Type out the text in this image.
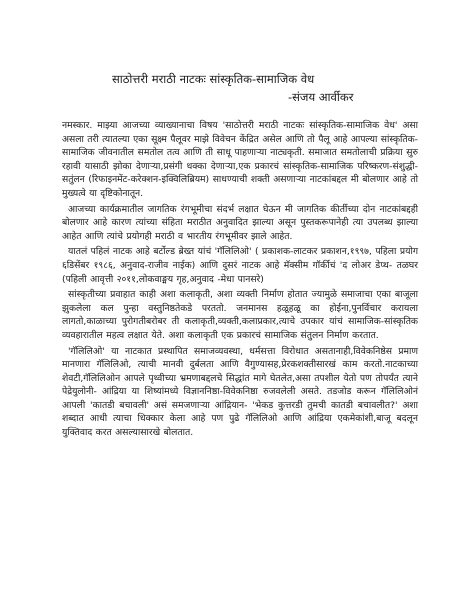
साठोत्तरी मराठी नाटकः सांस्कृतिक-सामाजिक वेध
-संजय आर्वीकर

नमस्कार. माझ्या आजच्या व्याख्यानाचा विषय 'साठोत्तरी मराठी नाटकः सांस्कृतिक-सामाजिक वेध' असा असला तरी त्यातल्या एका सूक्ष्म पैलूवर माझे विवेचन केंद्रित असेल आणि तो पैलू आहे आपल्या सांस्कृतिक-सामाजिक जीवनातील समतोल तत्व आणि ती साधू पाहणाऱ्या नाट्यकृती. समाजात समतोलाची प्रक्रिया सुरु रहावी यासाठी झोका देणाऱ्या,प्रसंगी धक्का देणाऱ्या,एक प्रकारचं सांस्कृतिक-सामाजिक परिष्करण-संशुद्धी-सतुंलन (रिफाइनमेंट-करेक्शन-इक्विलिब्रियम) साधण्याची शक्ती असणाऱ्या नाटकांबद्दल मी बोलणार आहे तो मुख्यत्वे या दृष्टिकोनातून.

आजच्या कार्यक्रमातील जागतिक रंगभूमीचा संदर्भ लक्षात घेऊन मी जागतिक कीर्तीच्या दोन नाटकांबद्दही बोलणार आहे कारण त्यांच्या संहिता मराठीत अनुवादित झाल्या असून पुस्तकरूपानेही त्या उपलब्ध झाल्या आहेत आणि त्यांचे प्रयोगही मराठी व भारतीय रंगभूमीवर झाले आहेत.

यातलं पहिलं नाटक आहे बर्टोल्ड ब्रेख्त यांचं 'गॅलिलिओ' ( प्रकाशक-लाटकर प्रकाशन,१९९७, पहिला प्रयोग ६डिसेंबर १९८६, अनुवाद-राजीव नाईक) आणि दुसरं नाटक आहे मॅक्सीम गॉर्कीचं 'द लोअर डेप्थ- तळघर (पहिली आवृत्ती २०११,लोकवाङ्मय गृह,अनुवाद -मेधा पानसरे)

सांस्कृतीच्या प्रवाहात काही अशा कलाकृती, अशा व्यक्ती निर्माण होतात ज्यामुळे समाजाचा एका बाजूला झुकलेला कल पुन्हा वस्तुनिष्ठतेकडे परततो. जनमानस हळूहळू का होईना,पुनर्विचार करायला लागतो,काळाच्या पुरोगतीबरोबर ती कलाकृती,व्यक्ती,कलाप्रकार,त्याचे उपकार यांचं सामाजिक-सांस्कृतिक व्यवहारातील महत्व लक्षात येते. अशा कलाकृती एक प्रकारचं सामाजिक संतुलन निर्माण करतात.

'गॅलिलिओ' या नाटकात प्रस्थापित समाजव्यवस्था, धर्मसत्ता विरोधात असतानाही,विवेकनिष्ठेस प्रमाण मानणारा गॅलिलिओ, त्याची मानवी दुर्बलता आणि वैगुण्यासह,प्रेरकशक्तीसारखं काम करतो.नाटकाच्या शेवटी,गॅलिलिओन आपले पृथ्वीच्या भ्रमणाबद्दलचे सिद्धांत मागे घेतलेत,असा तपशील येतो पण तोपर्यंत त्याने पेद्रेयुलोनी- आंद्रिया या शिष्यांमध्ये विज्ञाननिष्ठा-विवेकनिष्ठा रुजवलेली असते. तडजोड करून गॅलिलिओनं आपली 'कातडी बचावली' असं समजणाऱ्या आंद्रियान- 'भेकड कुत्तरडी तुमची कातडी बचावलीत?' अशा शब्दात आधी त्याचा धिक्कार केला आहे पण पुढे गॅलिलिओ आणि आंद्रिया एकमेकांशी,बाजू बदलून युक्तिवाद करत असल्यासारखे बोलतात.
